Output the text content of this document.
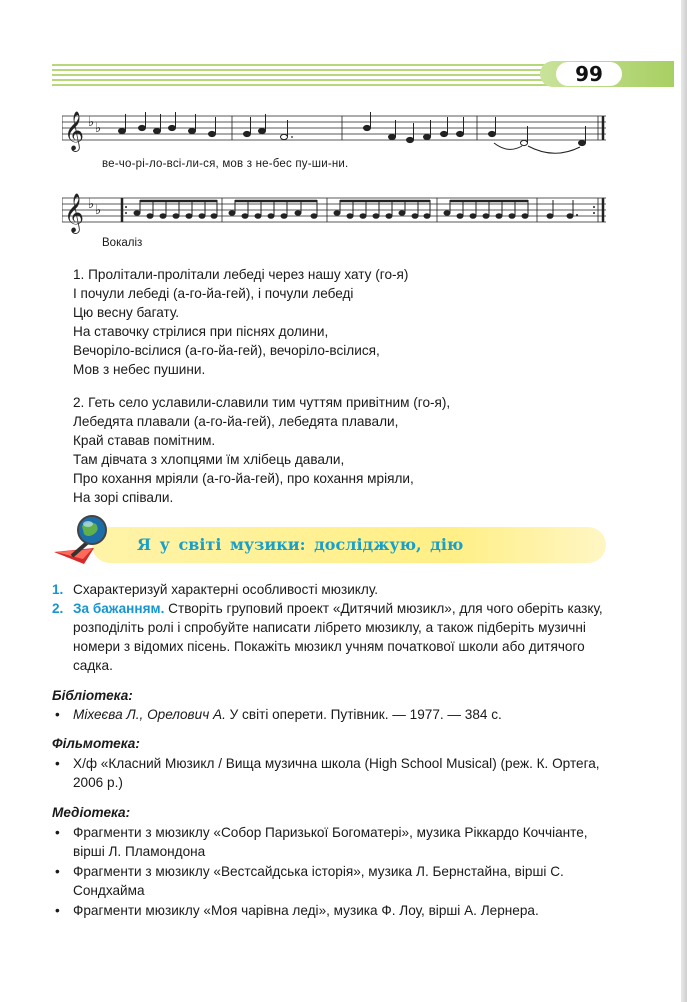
99
𝄞 ♭ ♭
ве-чо-рі-ло-всі-ли-ся, мов з не-бес пу-ши-ни.
𝄞 ♭ ♭
Вокаліз
1. Пролітали-пролітали лебеді через нашу хату (го-я)
І почули лебеді (а-го-йа-гей), і почули лебеді
Цю весну багату.
На ставочку стрілися при піснях долини,
Вечоріло-всілися (а-го-йа-гей), вечоріло-всілися,
Мов з небес пушини.
2. Геть село уславили-славили тим чуттям привітним (го-я),
Лебедята плавали (а-го-йа-гей), лебедята плавали,
Край ставав помітним.
Там дівчата з хлопцями їм хлібець давали,
Про кохання мріяли (а-го-йа-гей), про кохання мріяли,
На зорі співали.
Я у світі музики: досліджую, дію
1. Схарактеризуй характерні особливості мюзиклу.
2. За бажанням. Створіть груповий проект «Дитячий мюзикл», для чого оберіть казку, розподіліть ролі і спробуйте написати лібрето мюзиклу, а також підберіть музичні номери з відомих пісень. Покажіть мюзикл учням початкової школи або дитячого садка.
Бібліотека:
• Міхеєва Л., Орелович А. У світі оперети. Путівник. — 1977. — 384 с.
Фільмотека:
• Х/ф «Класний Мюзикл / Вища музична школа (High School Musical) (реж. К. Ортега, 2006 р.)
Медіотека:
• Фрагменти з мюзиклу «Собор Паризької Богоматері», музика Ріккардо Коччіанте, вірші Л. Пламондона
• Фрагменти з мюзиклу «Вестсайдська історія», музика Л. Бернстайна, вірші С. Сондхайма
• Фрагменти мюзиклу «Моя чарівна леді», музика Ф. Лоу, вірші А. Лернера.
